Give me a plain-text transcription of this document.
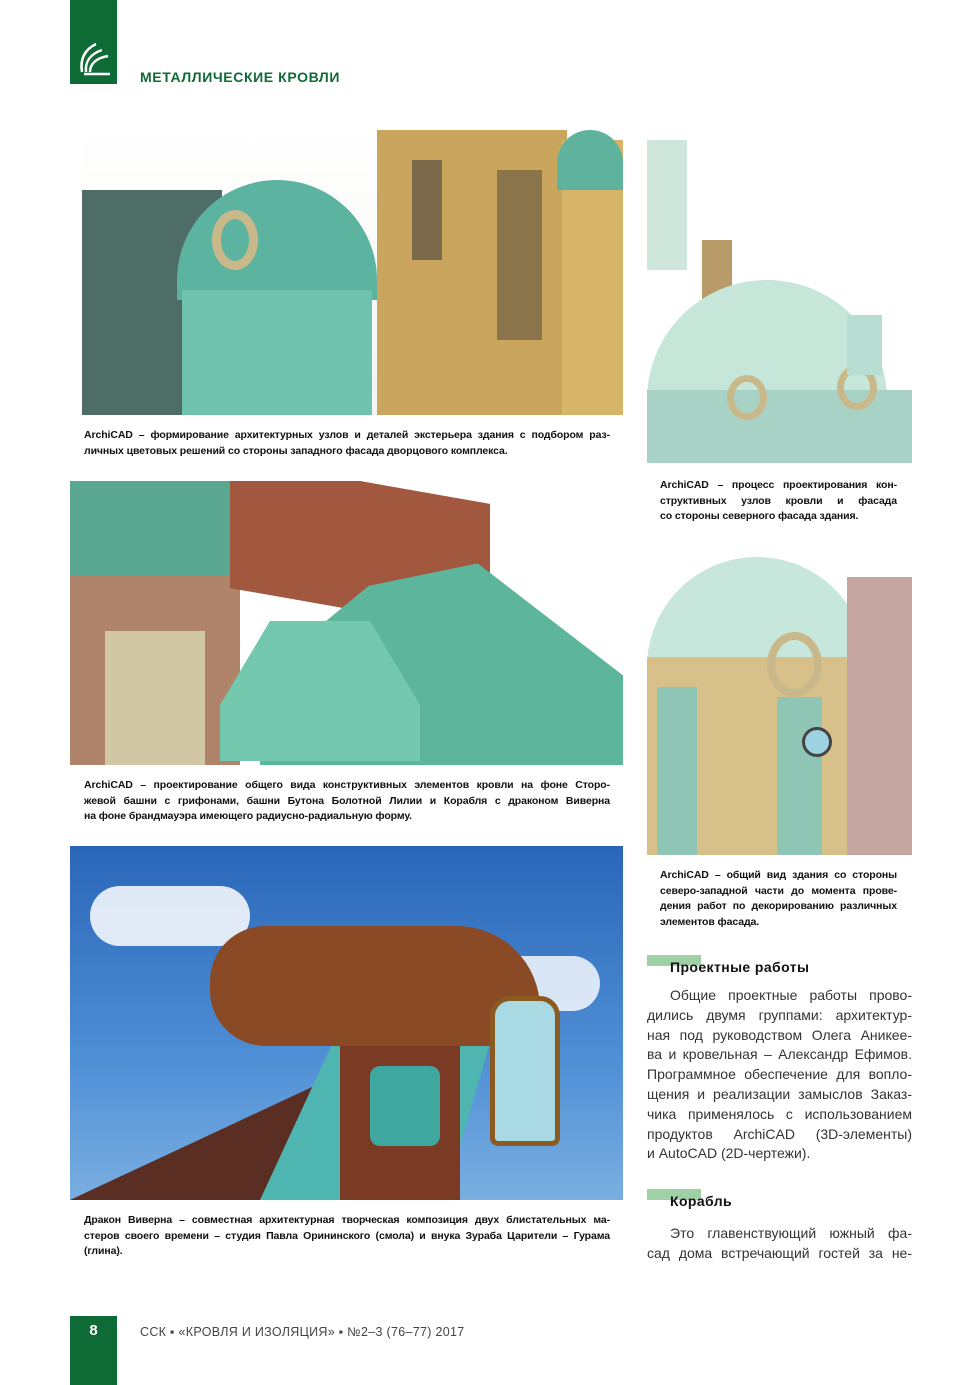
МЕТАЛЛИЧЕСКИЕ КРОВЛИ
ArchiCAD – формирование архитектурных узлов и деталей экстерьера здания с подбором раз-
личных цветовых решений со стороны западного фасада дворцового комплекса.
ArchiCAD – процесс проектирования кон-
структивных узлов кровли и фасада
со стороны северного фасада здания.
ArchiCAD – проектирование общего вида конструктивных элементов кровли на фоне Сторо-
жевой башни с грифонами, башни Бутона Болотной Лилии и Корабля с драконом Виверна
на фоне брандмауэра имеющего радиусно-радиальную форму.
ArchiCAD – общий вид здания со стороны
северо-западной части до момента прове-
дения работ по декорированию различных
элементов фасада.
Дракон Виверна – совместная архитектурная творческая композиция двух блистательных ма-
стеров своего времени – студия Павла Орининского (смола) и внука Зураба Царители – Гурама
(глина).
Проектные работы
Общие проектные работы прово-
дились двумя группами: архитектур-
ная под руководством Олега Аникее-
ва и кровельная – Александр Ефимов.
Программное обеспечение для вопло-
щения и реализации замыслов Заказ-
чика применялось с использованием
продуктов ArchiCAD (3D-элементы)
и AutoCAD (2D-чертежи).
Корабль
Это главенствующий южный фа-
сад дома встречающий гостей за не-
8	ССК ▪ «КРОВЛЯ И ИЗОЛЯЦИЯ» ▪ №2–3 (76–77) 2017
